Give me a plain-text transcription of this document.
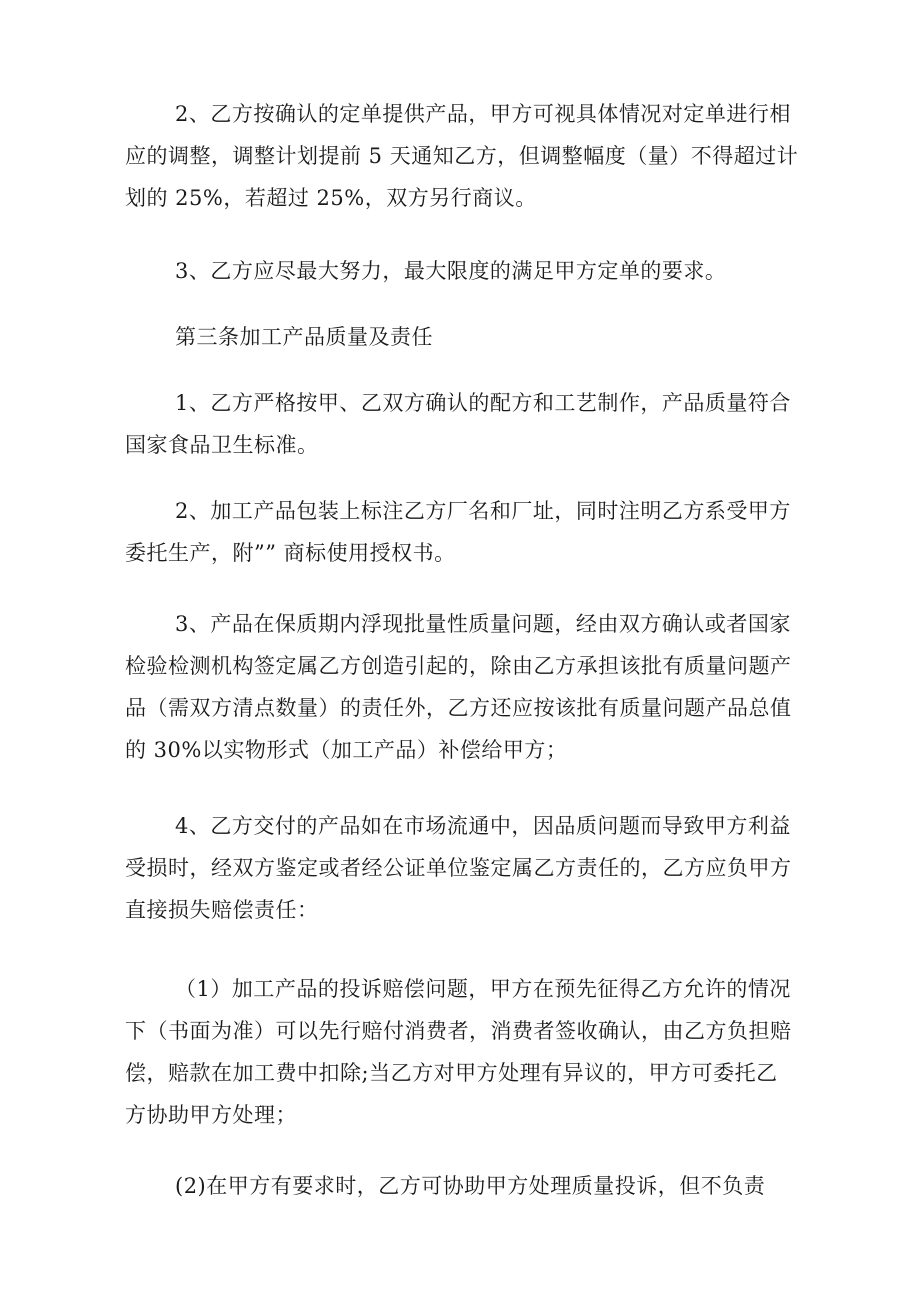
2、乙方按确认的定单提供产品，甲方可视具体情况对定单进行相
应的调整，调整计划提前 5 天通知乙方，但调整幅度（量）不得超过计
划的 25%，若超过 25%，双方另行商议。

3、乙方应尽最大努力，最大限度的满足甲方定单的要求。

第三条加工产品质量及责任

1、乙方严格按甲、乙双方确认的配方和工艺制作，产品质量符合
国家食品卫生标准。

2、加工产品包装上标注乙方厂名和厂址，同时注明乙方系受甲方
委托生产，附”” 商标使用授权书。

3、产品在保质期内浮现批量性质量问题，经由双方确认或者国家
检验检测机构签定属乙方创造引起的，除由乙方承担该批有质量问题产
品（需双方清点数量）的责任外，乙方还应按该批有质量问题产品总值
的 30%以实物形式（加工产品）补偿给甲方；

4、乙方交付的产品如在市场流通中，因品质问题而导致甲方利益
受损时，经双方鉴定或者经公证单位鉴定属乙方责任的，乙方应负甲方
直接损失赔偿责任：

（1）加工产品的投诉赔偿问题，甲方在预先征得乙方允许的情况
下（书面为准）可以先行赔付消费者，消费者签收确认，由乙方负担赔
偿，赔款在加工费中扣除;当乙方对甲方处理有异议的，甲方可委托乙
方协助甲方处理；

(2)在甲方有要求时，乙方可协助甲方处理质量投诉，但不负责
